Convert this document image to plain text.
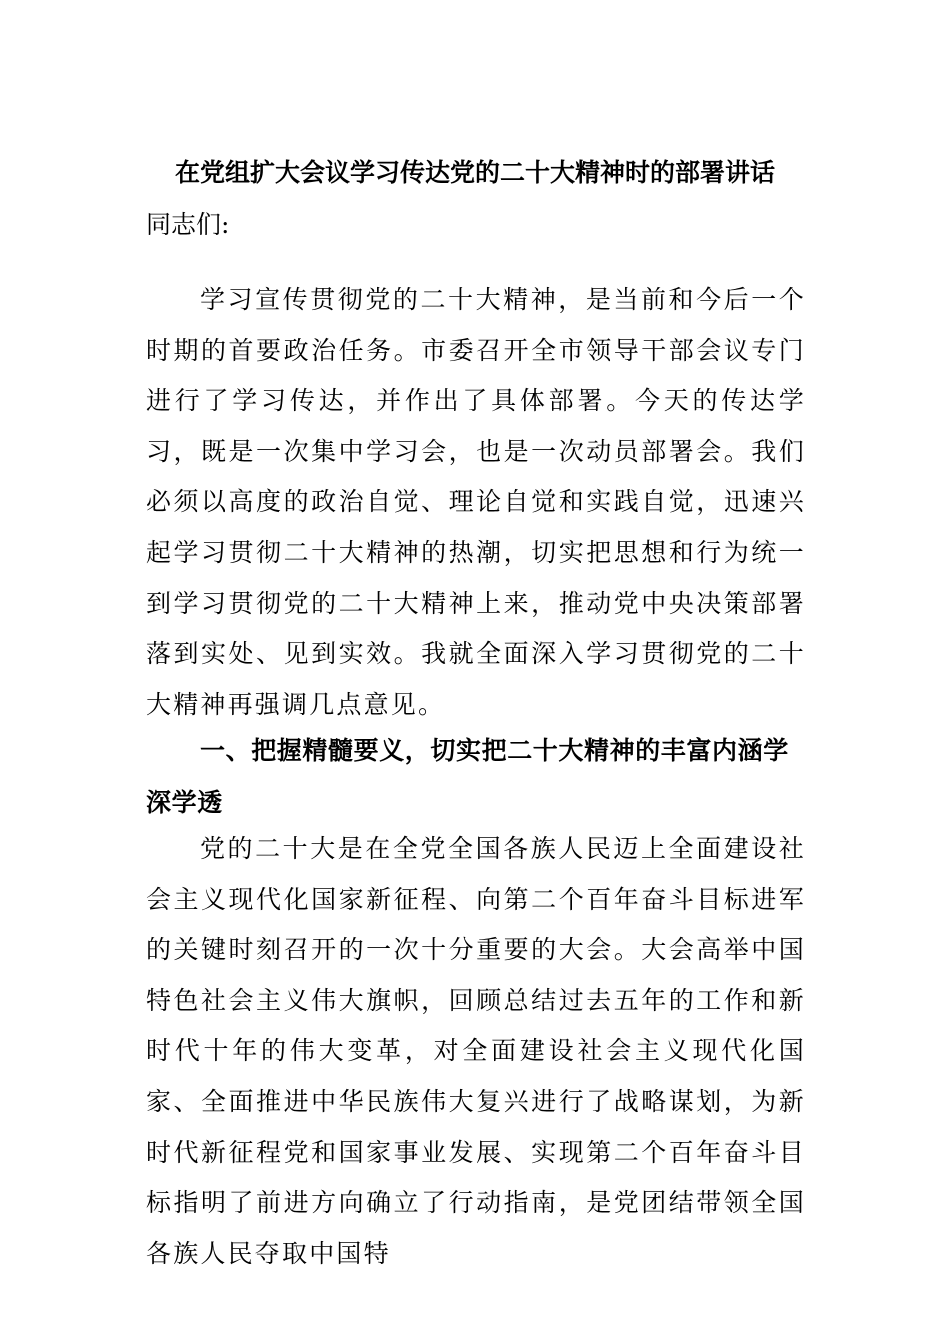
在党组扩大会议学习传达党的二十大精神时的部署讲话
同志们:
学习宣传贯彻党的二十大精神，是当前和今后一个时期的首要政治任务。市委召开全市领导干部会议专门进行了学习传达，并作出了具体部署。今天的传达学习，既是一次集中学习会，也是一次动员部署会。我们必须以高度的政治自觉、理论自觉和实践自觉，迅速兴起学习贯彻二十大精神的热潮，切实把思想和行为统一到学习贯彻党的二十大精神上来，推动党中央决策部署落到实处、见到实效。我就全面深入学习贯彻党的二十大精神再强调几点意见。
一、把握精髓要义，切实把二十大精神的丰富内涵学深学透
党的二十大是在全党全国各族人民迈上全面建设社会主义现代化国家新征程、向第二个百年奋斗目标进军的关键时刻召开的一次十分重要的大会。大会高举中国特色社会主义伟大旗帜，回顾总结过去五年的工作和新时代十年的伟大变革，对全面建设社会主义现代化国家、全面推进中华民族伟大复兴进行了战略谋划，为新时代新征程党和国家事业发展、实现第二个百年奋斗目标指明了前进方向确立了行动指南，是党团结带领全国各族人民夺取中国特
